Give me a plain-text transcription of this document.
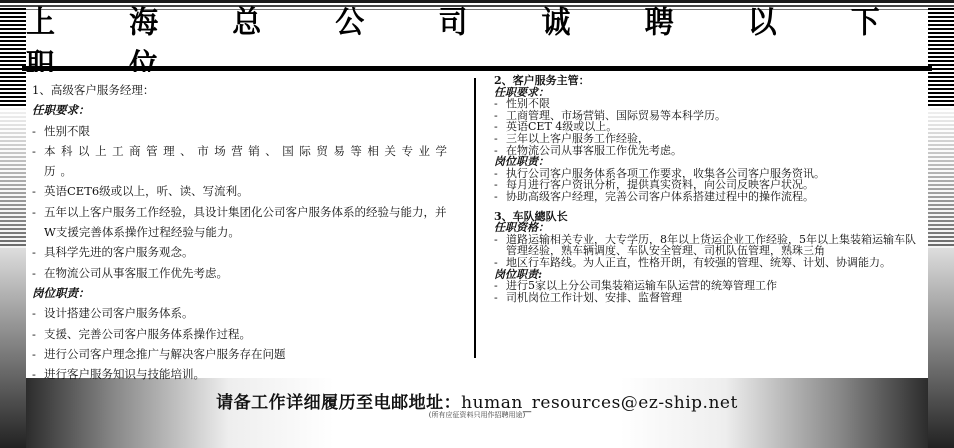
上 海 总 公 司 诚 聘 以 下
1、高级客户服务经理：
任职要求：
- 性别不限
- 本科以上工商管理、市场营销、国际贸易等相关专业学历。
- 英语CET6级或以上，听、读、写流利。
- 五年以上客户服务工作经验，具设计集团化公司客户服务体系的经验与能力，并W支援完善体系操作过程经验与能力。
- 具科学先进的客户服务观念。
- 在物流公司从事客服工作优先考虑。
岗位职责：
- 设计搭建公司客户服务体系。
- 支援、完善公司客户服务体系操作过程。
- 进行公司客户理念推广与解决客户服务存在问题
- 进行客户服务知识与技能培训。
2、客户服务主管：
任职要求：
- 性别不限
- 工商管理、市场营销、国际贸易等本科学历。
- 英语CET 4级或以上。
- 三年以上客户服务工作经验，
- 在物流公司从事客服工作优先考虑。
岗位职责：
- 执行公司客户服务体系各项工作要求，收集各公司客户服务资讯。
- 每月进行客户资讯分析，提供真实资料，向公司反映客户状况。
- 协助高级客户经理，完善公司客户体系搭建过程中的操作流程。
3、车队總队长
任职资格：
- 道路运输相关专业，大专学历，8年以上货运企业工作经验，5年以上集装箱运输车队管理经验，熟车辆调度、车队安全管理、司机队伍管理，熟珠三角
- 地区行车路线。为人正直，性格开朗，有较强的管理、统筹、计划、协调能力。
岗位职责:
- 进行5家以上分公司集装箱运输车队运营的统筹管理工作
- 司机岗位工作计划、安排、监督管理
请备工作详细履历至电邮地址：human_resources@ez-ship.net
(所有应征资料只用作招聘用途)
